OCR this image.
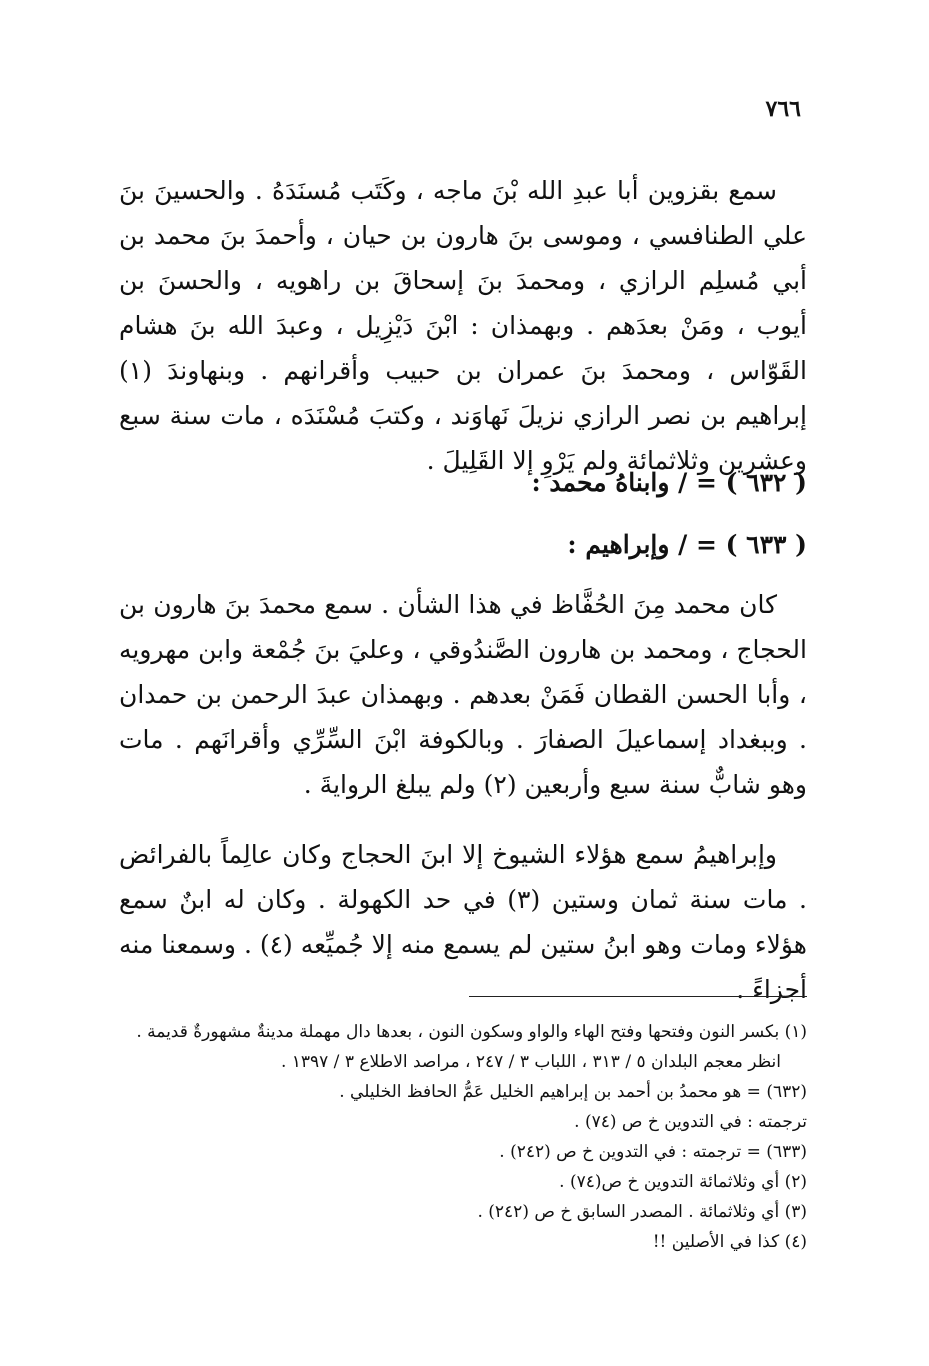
٧٦٦

سمع بقزوين أبا عبدِ الله بْنَ ماجه ، وكَتَب مُسنَدَهُ . والحسينَ بنَ علي الطنافسي ، وموسى بنَ هارون بن حيان ، وأحمدَ بنَ محمد بن أبي مُسلِم الرازي ، ومحمدَ بنَ إسحاقَ بن راهويه ، والحسنَ بن أيوب ، ومَنْ بعدَهم . وبهمذان : ابْنَ دَيْزِيل ، وعبدَ الله بنَ هشام القَوّاس ، ومحمدَ بنَ عمران بن حبيب وأقرانهم . وبنهاوندَ (١) إبراهيم بن نصر الرازي نزيلَ نَهاوَند ، وكتبَ مُسْنَدَه ، مات سنة سبع وعشرين وثلاثمائة ولم يَرْوِ إلا القَلِيلَ .

( ٦٣٢ ) = / وابناهُ محمد :
( ٦٣٣ ) = / وإبراهيم :

كان محمد مِنَ الحُفَّاظ في هذا الشأن . سمع محمدَ بنَ هارون بن الحجاج ، ومحمد بن هارون الصَّندُوقي ، وعليَ بنَ جُمْعة وابن مهرويه ، وأبا الحسن القطان فَمَنْ بعدهم . وبهمذان عبدَ الرحمن بن حمدان . وببغداد إسماعيلَ الصفارَ . وبالكوفة ابْنَ السِّرِّي وأقرانَهم . مات وهو شابٌّ سنة سبع وأربعين (٢) ولم يبلغ الروايةَ .

وإبراهيمُ سمع هؤلاء الشيوخ إلا ابنَ الحجاج وكان عالِماً بالفرائض . مات سنة ثمان وستين (٣) في حد الكهولة . وكان له ابنٌ سمع هؤلاء ومات وهو ابنُ ستين لم يسمع منه إلا جُميِّعه (٤) . وسمعنا منه أجزاءً .

(١) بكسر النون وفتحها وفتح الهاء والواو وسكون النون ، بعدها دال مهملة مدينةٌ مشهورةٌ قديمة .
انظر معجم البلدان ٥ / ٣١٣ ، اللباب ٣ / ٢٤٧ ، مراصد الاطلاع ٣ / ١٣٩٧ .
(٦٣٢) = هو محمدُ بن أحمد بن إبراهيم الخليل عَمُّ الحافظ الخليلي .
ترجمته : في التدوين خ ص (٧٤) .
(٦٣٣) = ترجمته : في التدوين خ ص (٢٤٢) .
(٢) أي وثلاثمائة التدوين خ ص(٧٤) .
(٣) أي وثلاثمائة . المصدر السابق خ ص (٢٤٢) .
(٤) كذا في الأصلين !!
